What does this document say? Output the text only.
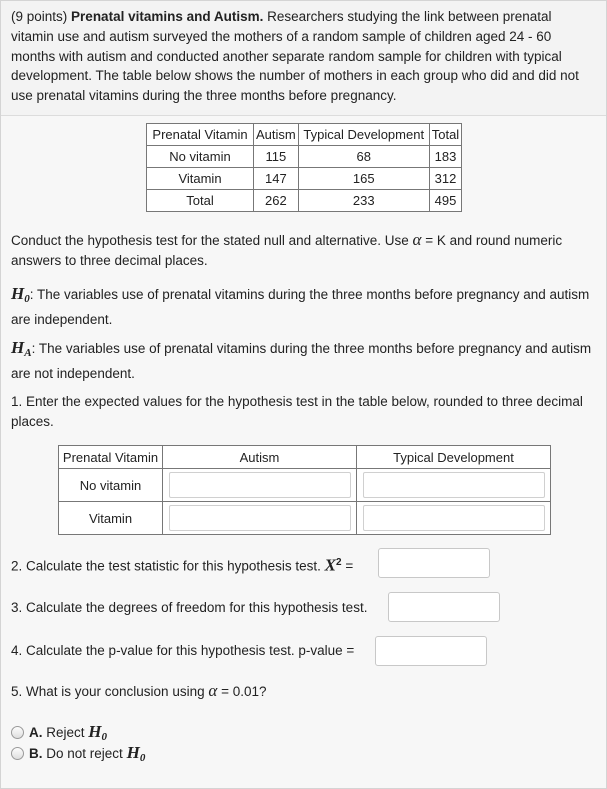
(9 points) Prenatal vitamins and Autism. Researchers studying the link between prenatal vitamin use and autism surveyed the mothers of a random sample of children aged 24 - 60 months with autism and conducted another separate random sample for children with typical development. The table below shows the number of mothers in each group who did and did not use prenatal vitamins during the three months before pregnancy.

Prenatal Vitamin	Autism	Typical Development	Total
No vitamin	115	68	183
Vitamin	147	165	312
Total	262	233	495
Conduct the hypothesis test for the stated null and alternative. Use α = K and round numeric answers to three decimal places.
$H_0$: The variables use of prenatal vitamins during the three months before pregnancy and autism are independent.
$H_A$: The variables use of prenatal vitamins during the three months before pregnancy and autism are not independent.
1. Enter the expected values for the hypothesis test in the table below, rounded to three decimal places.
Prenatal Vitamin	Autism	Typical Development
No vitamin	

Vitamin	

2. Calculate the test statistic for this hypothesis test. $X^2$ =
3. Calculate the degrees of freedom for this hypothesis test.
4. Calculate the p-value for this hypothesis test. p-value =
5. What is your conclusion using α = 0.01?
A. Reject $H_0$
B. Do not reject $H_0$
